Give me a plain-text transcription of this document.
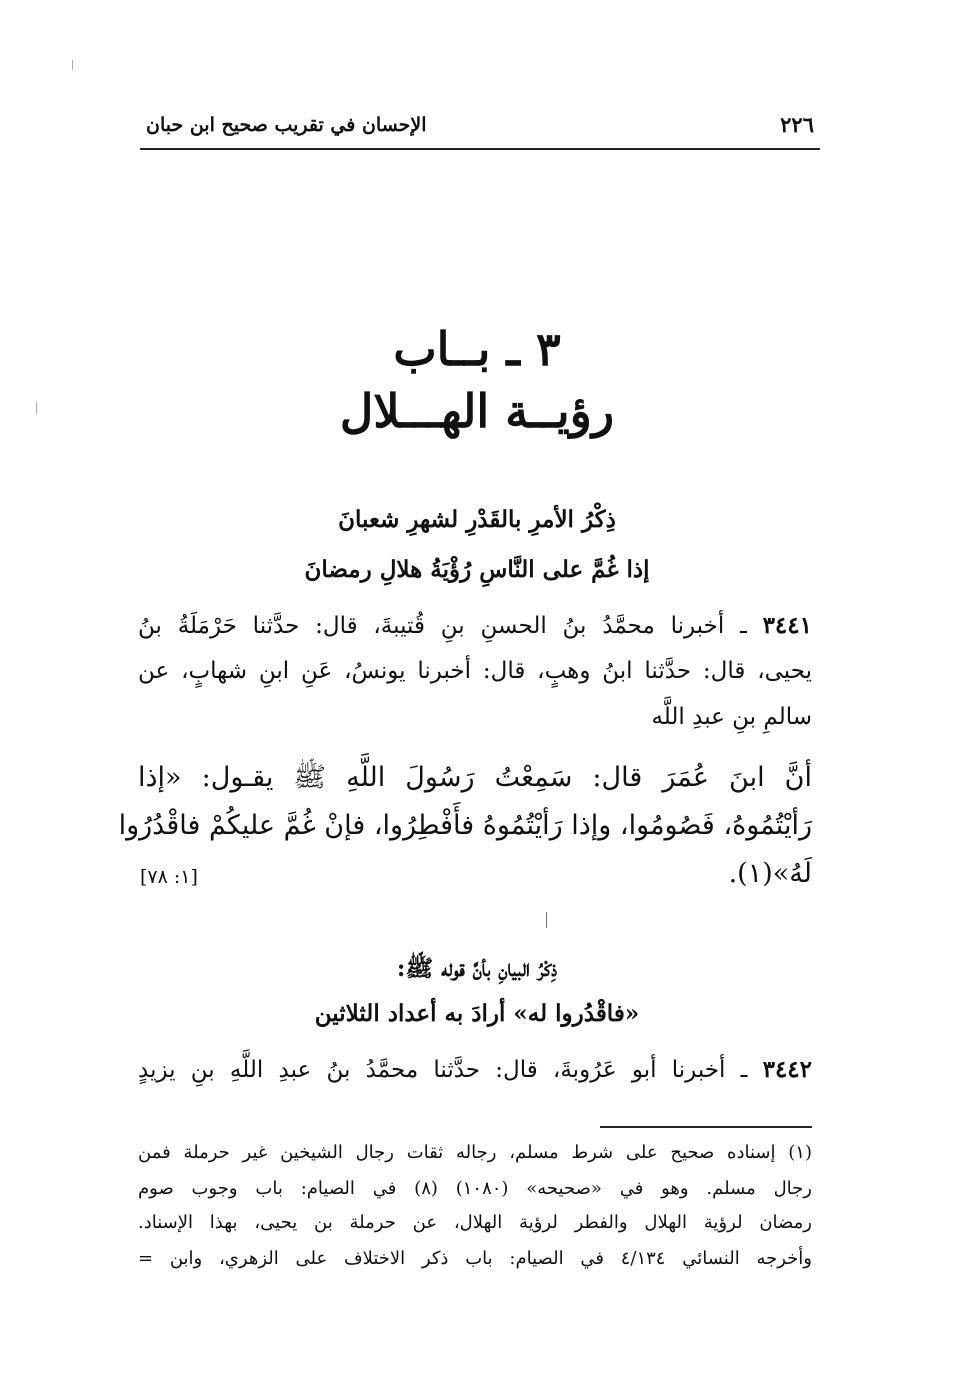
الإحسان في تقريب صحيح ابن حبان	٢٢٦
٣ ـ بــاب
رؤيــة الهـــلال
ذِكْرُ الأمرِ بالقَدْرِ لشهرِ شعبانَ
إذا غُمَّ على النَّاسِ رُؤْيَةُ هلالِ رمضانَ
٣٤٤١ ـ أخبرنا محمَّدُ بنُ الحسنِ بنِ قُتيبةَ، قال: حدَّثنا حَرْمَلَةُ بنُ
يحيى، قال: حدَّثنا ابنُ وهبٍ، قال: أخبرنا يونسُ، عَنِ ابنِ شهابٍ، عن
سالمِ بنِ عبدِ اللَّه
أنَّ ابنَ عُمَرَ قال: سَمِعْتُ رَسُولَ اللَّهِ ﷺ يقـول: «إذا
رَأيْتُمُوهُ، فَصُومُوا، وإذا رَأيْتُمُوهُ فأَفْطِرُوا، فإنْ غُمَّ عليكُمْ فاقْدُرُوا
لَهُ»(١).
[١: ٧٨]
ذِكْرُ البيانِ بأنَّ قوله ﷺ:
«فاقْدُروا له» أرادَ به أعداد الثلاثين
٣٤٤٢ ـ أخبرنا أبو عَرُوبةَ، قال: حدَّثنا محمَّدُ بنُ عبدِ اللَّهِ بنِ يزيدٍ
(١) إسناده صحيح على شرط مسلم، رجاله ثقات رجال الشيخين غير حرملة فمن
رجال مسلم. وهو في «صحيحه» (١٠٨٠) (٨) في الصيام: باب وجوب صوم
رمضان لرؤية الهلال والفطر لرؤية الهلال، عن حرملة بن يحيى، بهذا الإسناد.
وأخرجه النسائي ٤/١٣٤ في الصيام: باب ذكر الاختلاف على الزهري، وابن =
